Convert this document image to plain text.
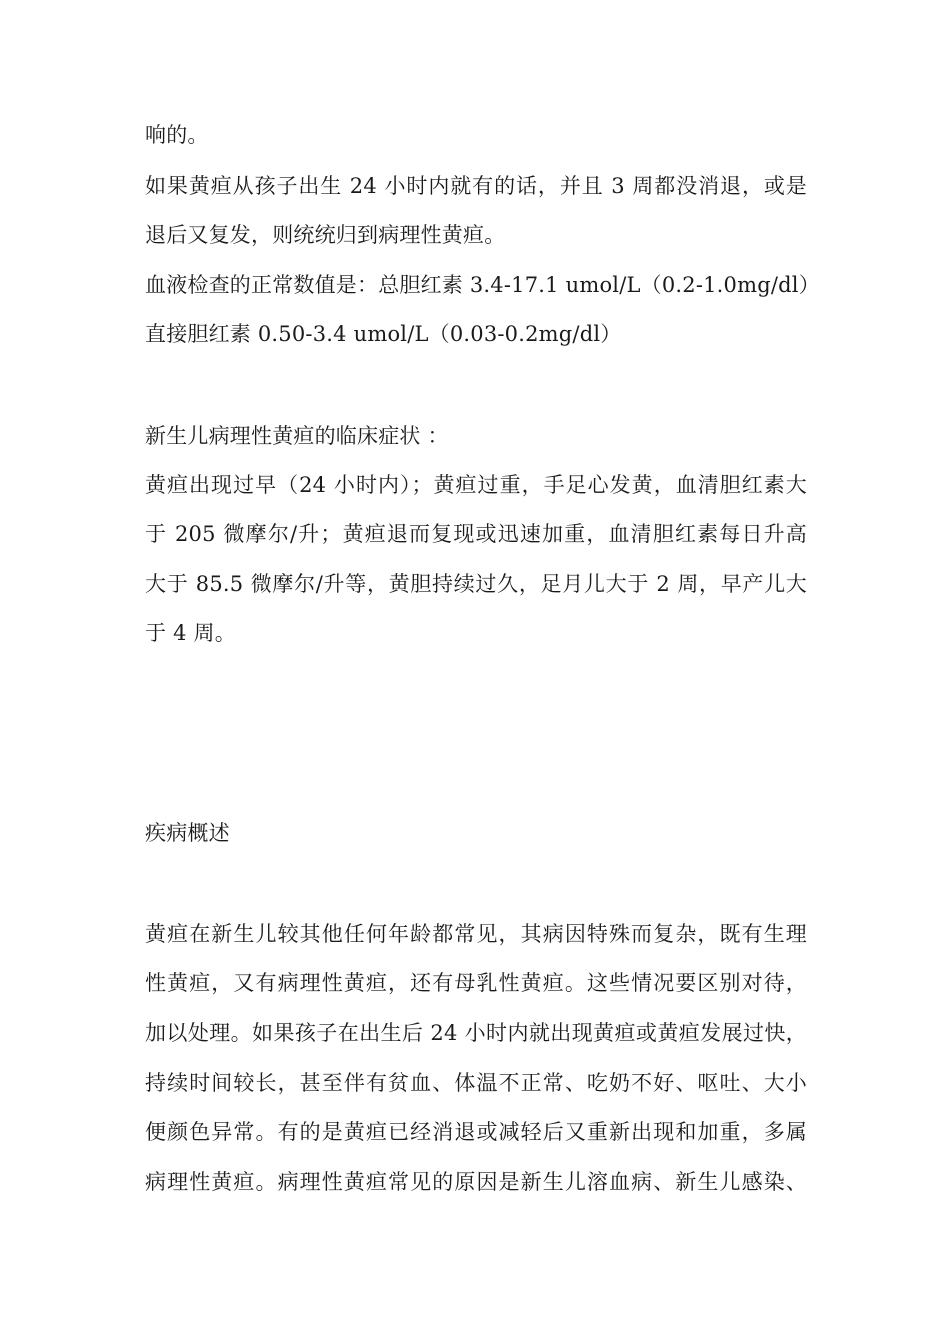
响的。
如果黄疸从孩子出生 24 小时内就有的话，并且 3 周都没消退，或是
退后又复发，则统统归到病理性黄疸。
血液检查的正常数值是：总胆红素 3.4-17.1 umol/L（0.2-1.0mg/dl）
直接胆红素 0.50-3.4 umol/L（0.03-0.2mg/dl）
新生儿病理性黄疸的临床症状 ：
黄疸出现过早（24 小时内）；黄疸过重，手足心发黄，血清胆红素大
于 205 微摩尔/升；黄疸退而复现或迅速加重，血清胆红素每日升高
大于 85.5 微摩尔/升等，黄胆持续过久，足月儿大于 2 周，早产儿大
于 4 周。
疾病概述
黄疸在新生儿较其他任何年龄都常见，其病因特殊而复杂，既有生理
性黄疸，又有病理性黄疸，还有母乳性黄疸。这些情况要区别对待，
加以处理。如果孩子在出生后 24 小时内就出现黄疸或黄疸发展过快，
持续时间较长，甚至伴有贫血、体温不正常、吃奶不好、呕吐、大小
便颜色异常。有的是黄疸已经消退或减轻后又重新出现和加重，多属
病理性黄疸。病理性黄疸常见的原因是新生儿溶血病、新生儿感染、
